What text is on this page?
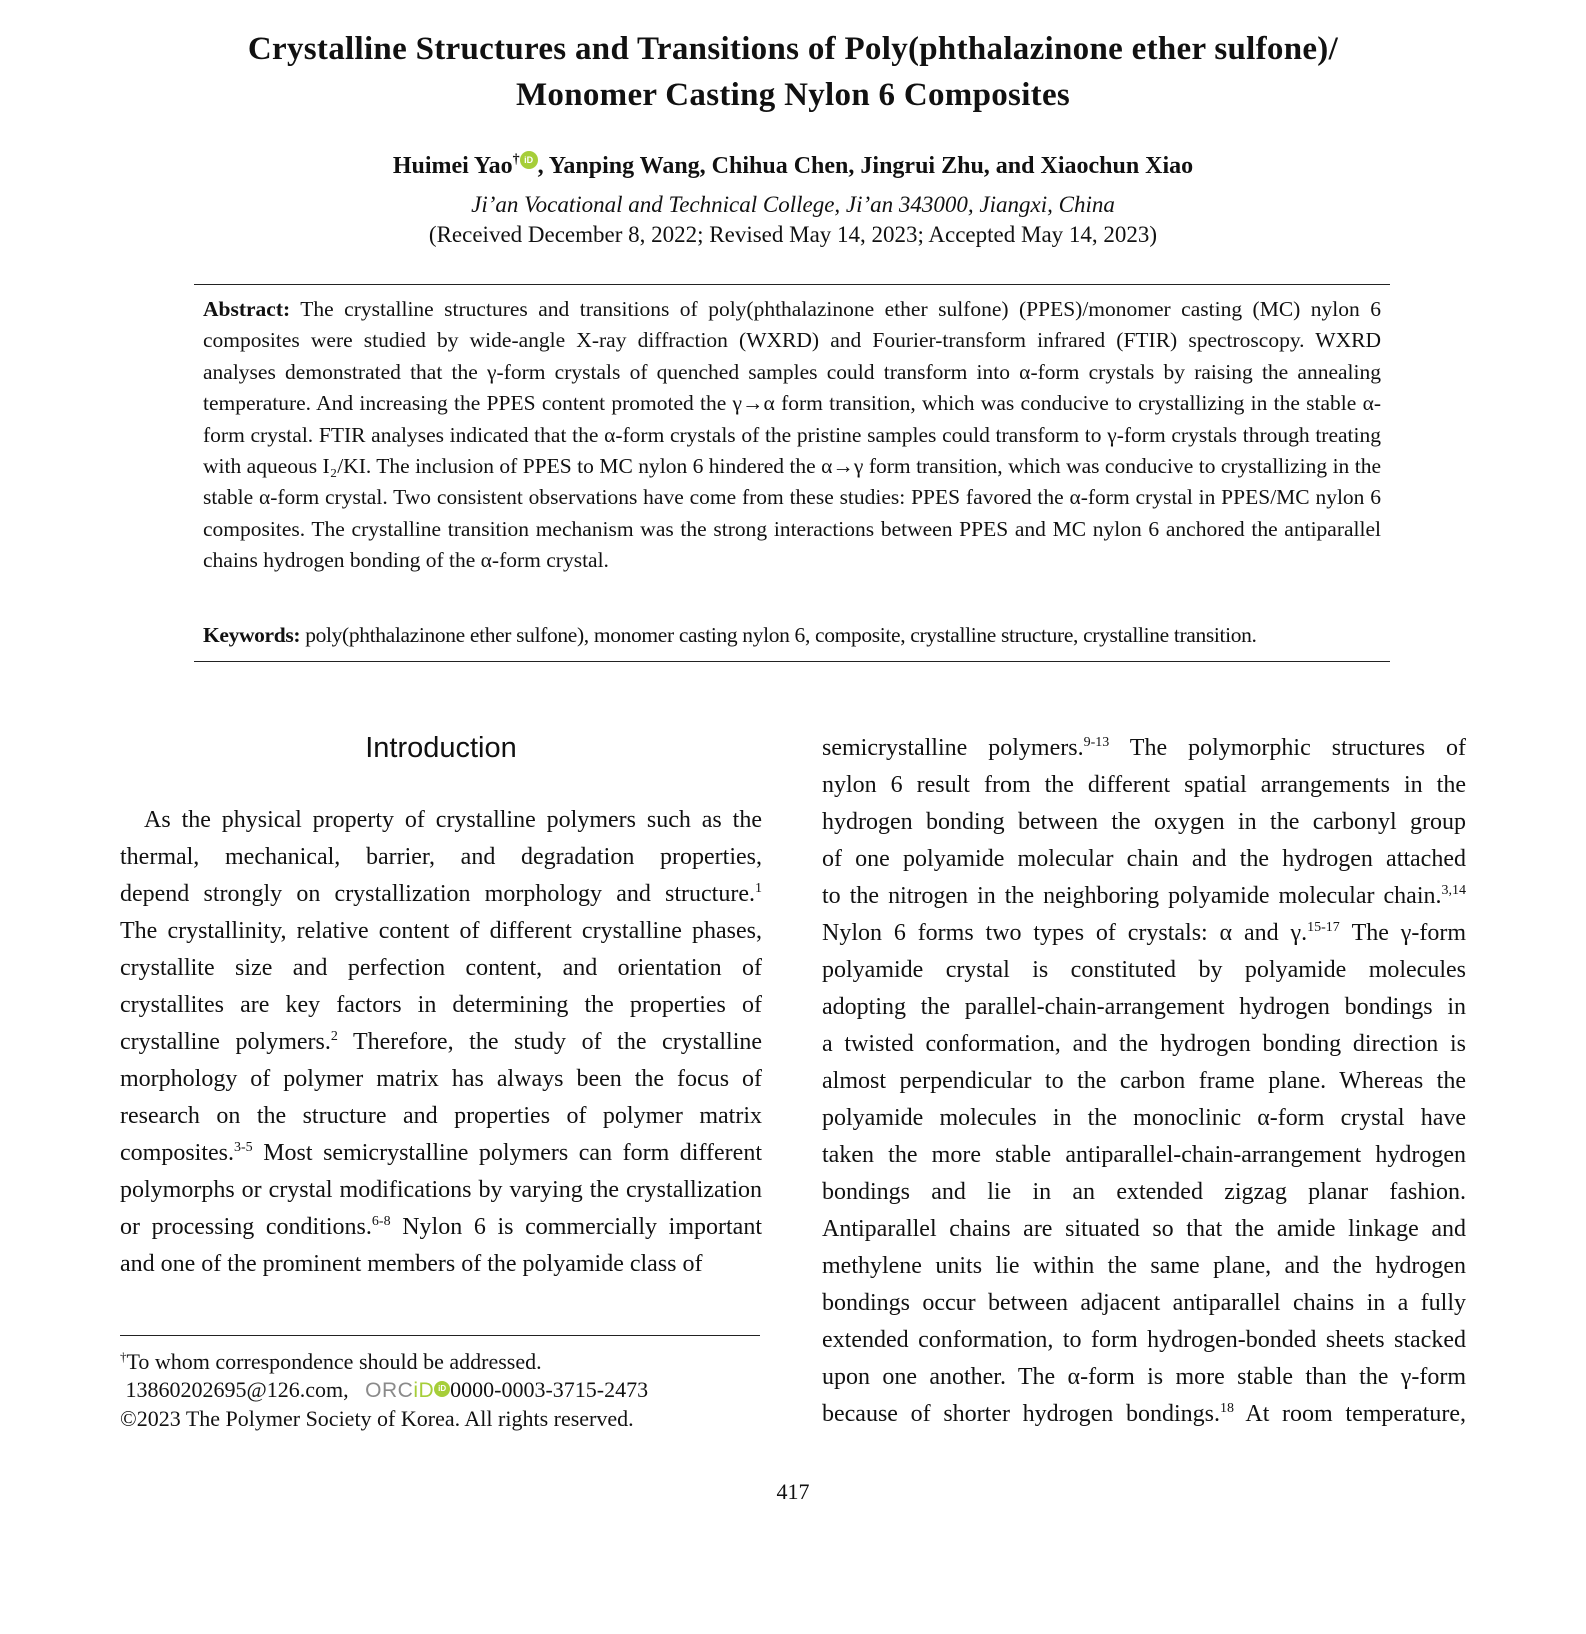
Crystalline Structures and Transitions of Poly(phthalazinone ether sulfone)/
Monomer Casting Nylon 6 Composites
Huimei Yao† iD , Yanping Wang, Chihua Chen, Jingrui Zhu, and Xiaochun Xiao
Ji’an Vocational and Technical College, Ji’an 343000, Jiangxi, China
(Received December 8, 2022; Revised May 14, 2023; Accepted May 14, 2023)
Abstract: The crystalline structures and transitions of poly(phthalazinone ether sulfone) (PPES)/monomer casting (MC) nylon 6 composites were studied by wide-angle X-ray diffraction (WXRD) and Fourier-transform infrared (FTIR) spectroscopy. WXRD analyses demonstrated that the γ-form crystals of quenched samples could transform into α-form crystals by raising the annealing temperature. And increasing the PPES content promoted the γ→α form transition, which was conducive to crystallizing in the stable α-form crystal. FTIR analyses indicated that the α-form crystals of the pristine samples could transform to γ-form crystals through treating with aqueous I₂/KI. The inclusion of PPES to MC nylon 6 hindered the α→γ form transition, which was conducive to crystallizing in the stable α-form crystal. Two consistent observations have come from these studies: PPES favored the α-form crystal in PPES/MC nylon 6 composites. The crystalline transition mechanism was the strong interactions between PPES and MC nylon 6 anchored the antiparallel chains hydrogen bonding of the α-form crystal.
Keywords: poly(phthalazinone ether sulfone), monomer casting nylon 6, composite, crystalline structure, crystalline transition.
Introduction
As the physical property of crystalline polymers such as the
thermal, mechanical, barrier, and degradation properties,
depend strongly on crystallization morphology and structure.$^1$
The crystallinity, relative content of different crystalline phases,
crystallite size and perfection content, and orientation of
crystallites are key factors in determining the properties of
crystalline polymers.$^2$ Therefore, the study of the crystalline
morphology of polymer matrix has always been the focus of
research on the structure and properties of polymer matrix
composites.$^{3-5}$ Most semicrystalline polymers can form different
polymorphs or crystal modifications by varying the crystallization
or processing conditions.$^{6-8}$ Nylon 6 is commercially important
and one of the prominent members of the polyamide class of
semicrystalline polymers.$^{9-13}$ The polymorphic structures of
nylon 6 result from the different spatial arrangements in the
hydrogen bonding between the oxygen in the carbonyl group
of one polyamide molecular chain and the hydrogen attached
to the nitrogen in the neighboring polyamide molecular chain.$^{3,14}$
Nylon 6 forms two types of crystals: α and γ.$^{15-17}$ The γ-form
polyamide crystal is constituted by polyamide molecules
adopting the parallel-chain-arrangement hydrogen bondings in
a twisted conformation, and the hydrogen bonding direction is
almost perpendicular to the carbon frame plane. Whereas the
polyamide molecules in the monoclinic α-form crystal have
taken the more stable antiparallel-chain-arrangement hydrogen
bondings and lie in an extended zigzag planar fashion.
Antiparallel chains are situated so that the amide linkage and
methylene units lie within the same plane, and the hydrogen
bondings occur between adjacent antiparallel chains in a fully
extended conformation, to form hydrogen-bonded sheets stacked
upon one another. The α-form is more stable than the γ-form
because of shorter hydrogen bondings.$^{18}$ At room temperature,
†To whom correspondence should be addressed.
13860202695@126.com, ORCiD iD 0000-0003-3715-2473
©2023 The Polymer Society of Korea. All rights reserved.
417
